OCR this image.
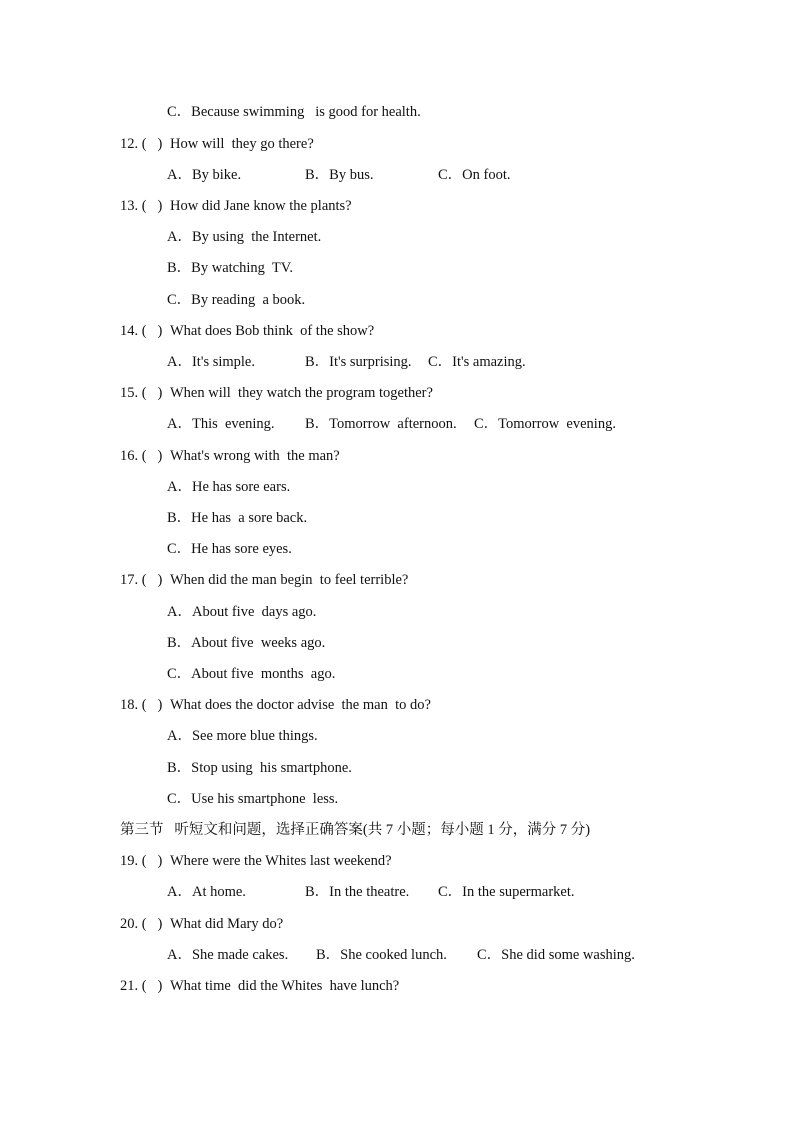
C．Because swimming   is good for health.
12. (   ) How will  they go there?
A．By bike.	B．By bus.	C．On foot.
13. (   ) How did Jane know the plants?
A．By using  the Internet.
B．By watching  TV.
C．By reading  a book.
14. (   ) What does Bob think  of the show?
A．It's simple.	B．It's surprising. C．It's amazing.
15. (   ) When will  they watch the program together?
A．This  evening. B．Tomorrow  afternoon. C．Tomorrow  evening.
16. (   ) What's wrong with  the man?
A．He has sore ears.
B．He has  a sore back.
C．He has sore eyes.
17. (   ) When did the man begin  to feel terrible?
A．About five  days ago.
B．About five  weeks ago.
C．About five  months  ago.
18. (   ) What does the doctor advise  the man  to do?
A．See more blue things.
B．Stop using  his smartphone.
C．Use his smartphone  less.
第三节   听短文和问题，选择正确答案(共 7 小题；每小题 1 分，满分 7 分)
19. (   ) Where were the Whites last weekend?
A．At home.	B．In the theatre. C．In the supermarket.
20. (   ) What did Mary do?
A．She made cakes. B．She cooked lunch. C．She did some washing.
21. (   ) What time  did the Whites  have lunch?
